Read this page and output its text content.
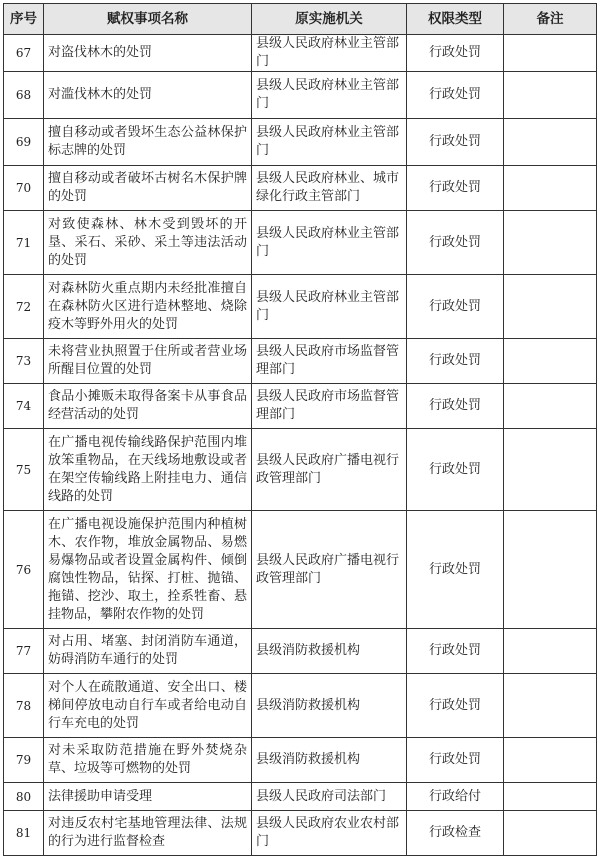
序号	赋权事项名称	原实施机关	权限类型	备注
67	对盗伐林木的处罚	县级人民政府林业主管部门	行政处罚	
68	对滥伐林木的处罚	县级人民政府林业主管部门	行政处罚	
69	擅自移动或者毁坏生态公益林保护标志牌的处罚	县级人民政府林业主管部门	行政处罚	
70	擅自移动或者破坏古树名木保护牌的处罚	县级人民政府林业、城市绿化行政主管部门	行政处罚	
71	对致使森林、林木受到毁坏的开垦、采石、采砂、采土等违法活动的处罚	县级人民政府林业主管部门	行政处罚	
72	对森林防火重点期内未经批准擅自在森林防火区进行造林整地、烧除疫木等野外用火的处罚	县级人民政府林业主管部门	行政处罚	
73	未将营业执照置于住所或者营业场所醒目位置的处罚	县级人民政府市场监督管理部门	行政处罚	
74	食品小摊贩未取得备案卡从事食品经营活动的处罚	县级人民政府市场监督管理部门	行政处罚	
75	在广播电视传输线路保护范围内堆放笨重物品，在天线场地敷设或者在架空传输线路上附挂电力、通信线路的处罚	县级人民政府广播电视行政管理部门	行政处罚	
76	在广播电视设施保护范围内种植树木、农作物，堆放金属物品、易燃易爆物品或者设置金属构件、倾倒腐蚀性物品，钻探、打桩、抛锚、拖锚、挖沙、取土，拴系牲畜、悬挂物品，攀附农作物的处罚	县级人民政府广播电视行政管理部门	行政处罚	
77	对占用、堵塞、封闭消防车通道，妨碍消防车通行的处罚	县级消防救援机构	行政处罚	
78	对个人在疏散通道、安全出口、楼梯间停放电动自行车或者给电动自行车充电的处罚	县级消防救援机构	行政处罚	
79	对未采取防范措施在野外焚烧杂草、垃圾等可燃物的处罚	县级消防救援机构	行政处罚	
80	法律援助申请受理	县级人民政府司法部门	行政给付	
81	对违反农村宅基地管理法律、法规的行为进行监督检查	县级人民政府农业农村部门	行政检查	
